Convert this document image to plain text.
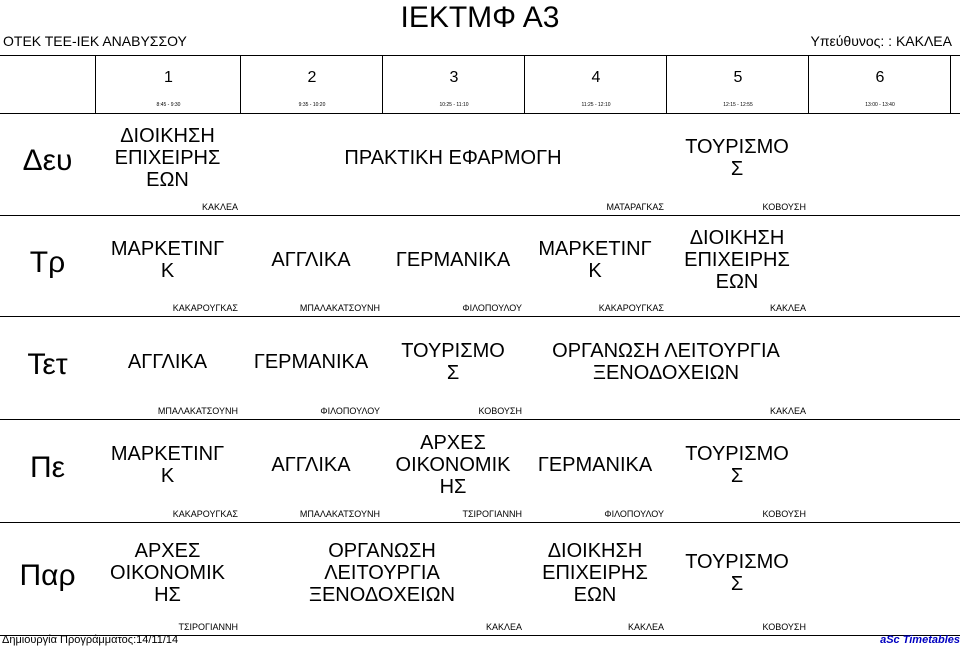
ΙΕΚΤΜΦ Α3
ΟΤΕΚ ΤΕΕ-ΙΕΚ ΑΝΑΒΥΣΣΟΥ	Υπεύθυνος: : ΚΑΚΛΕΑ
1
8:45 - 9:30
2
9:35 - 10:20
3
10:25 - 11:10
4
11:25 - 12:10
5
12:15 - 12:55
6
13:00 - 13:40
Δευ
Τρ
Τετ
Πε
Παρ
ΔΙΟΙΚΗΣΗ
ΕΠΙΧΕΙΡΗΣ
ΕΩΝ
ΚΑΚΛΕΑ
ΠΡΑΚΤΙΚΗ ΕΦΑΡΜΟΓΗ
ΜΑΤΑΡΑΓΚΑΣ
ΤΟΥΡΙΣΜΟ
Σ
ΚΟΒΟΥΣΗ
ΜΑΡΚΕΤΙΝΓ
Κ
ΚΑΚΑΡΟΥΓΚΑΣ
ΑΓΓΛΙΚΑ
ΜΠΑΛΑΚΑΤΣΟΥΝΗ
ΓΕΡΜΑΝΙΚΑ
ΦΙΛΟΠΟΥΛΟΥ
ΜΑΡΚΕΤΙΝΓ
Κ
ΚΑΚΑΡΟΥΓΚΑΣ
ΔΙΟΙΚΗΣΗ
ΕΠΙΧΕΙΡΗΣ
ΕΩΝ
ΚΑΚΛΕΑ
ΑΓΓΛΙΚΑ
ΜΠΑΛΑΚΑΤΣΟΥΝΗ
ΓΕΡΜΑΝΙΚΑ
ΦΙΛΟΠΟΥΛΟΥ
ΤΟΥΡΙΣΜΟ
Σ
ΚΟΒΟΥΣΗ
ΟΡΓΑΝΩΣΗ ΛΕΙΤΟΥΡΓΙΑ
ΞΕΝΟΔΟΧΕΙΩΝ
ΚΑΚΛΕΑ
ΜΑΡΚΕΤΙΝΓ
Κ
ΚΑΚΑΡΟΥΓΚΑΣ
ΑΓΓΛΙΚΑ
ΜΠΑΛΑΚΑΤΣΟΥΝΗ
ΑΡΧΕΣ
ΟΙΚΟΝΟΜΙΚ
ΗΣ
ΤΣΙΡΟΓΙΑΝΝΗ
ΓΕΡΜΑΝΙΚΑ
ΦΙΛΟΠΟΥΛΟΥ
ΤΟΥΡΙΣΜΟ
Σ
ΚΟΒΟΥΣΗ
ΑΡΧΕΣ
ΟΙΚΟΝΟΜΙΚ
ΗΣ
ΤΣΙΡΟΓΙΑΝΝΗ
ΟΡΓΑΝΩΣΗ
ΛΕΙΤΟΥΡΓΙΑ
ΞΕΝΟΔΟΧΕΙΩΝ
ΚΑΚΛΕΑ
ΔΙΟΙΚΗΣΗ
ΕΠΙΧΕΙΡΗΣ
ΕΩΝ
ΚΑΚΛΕΑ
ΤΟΥΡΙΣΜΟ
Σ
ΚΟΒΟΥΣΗ
Δημιουργία Προγράμματος:14/11/14	aSc Timetables
